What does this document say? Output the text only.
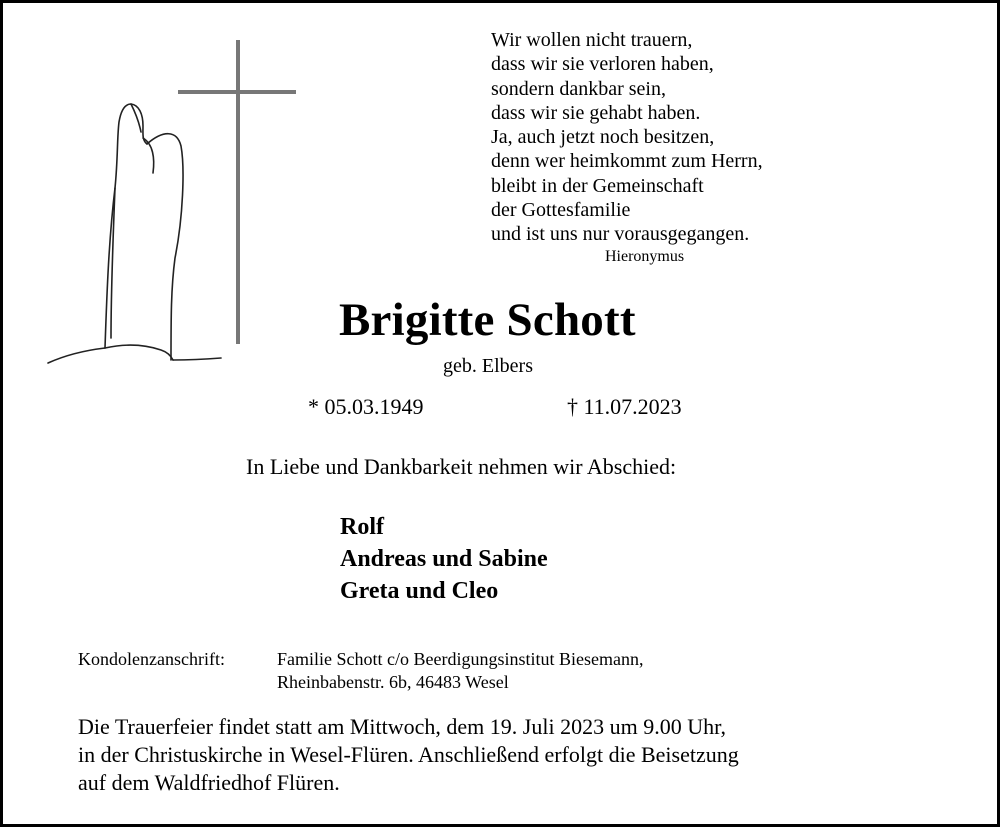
Wir wollen nicht trauern,
dass wir sie verloren haben,
sondern dankbar sein,
dass wir sie gehabt haben.
Ja, auch jetzt noch besitzen,
denn wer heimkommt zum Herrn,
bleibt in der Gemeinschaft
der Gottesfamilie
und ist uns nur vorausgegangen.
Hieronymus
Brigitte Schott
geb. Elbers
* 05.03.1949	† 11.07.2023
In Liebe und Dankbarkeit nehmen wir Abschied:
Rolf
Andreas und Sabine
Greta und Cleo
Kondolenzanschrift:	Familie Schott c/o Beerdigungsinstitut Biesemann,
Rheinbabenstr. 6b, 46483 Wesel
Die Trauerfeier findet statt am Mittwoch, dem 19. Juli 2023 um 9.00 Uhr,
in der Christuskirche in Wesel-Flüren. Anschließend erfolgt die Beisetzung
auf dem Waldfriedhof Flüren.
